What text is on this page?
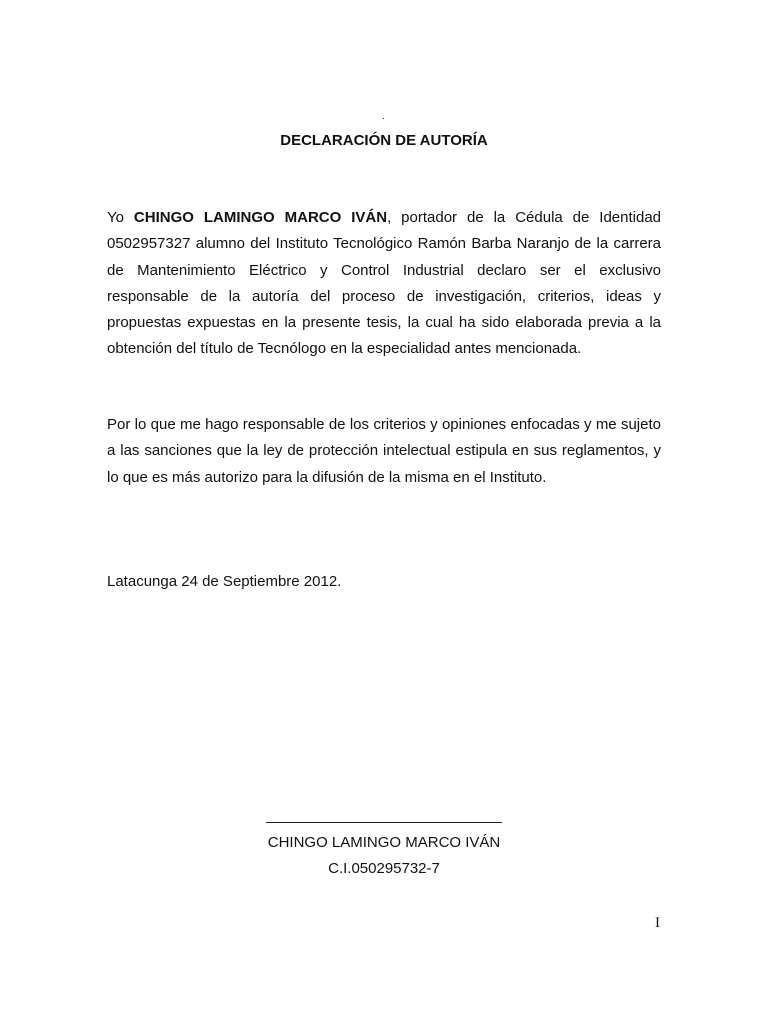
.
DECLARACIÓN DE AUTORÍA

Yo CHINGO LAMINGO MARCO IVÁN, portador de la Cédula de Identidad 0502957327 alumno del Instituto Tecnológico Ramón Barba Naranjo de la carrera de Mantenimiento Eléctrico y Control Industrial declaro ser el exclusivo responsable de la autoría del proceso de investigación, criterios, ideas y propuestas expuestas en la presente tesis, la cual ha sido elaborada previa a la obtención del título de Tecnólogo en la especialidad antes mencionada.

Por lo que me hago responsable de los criterios y opiniones enfocadas y me sujeto a las sanciones que la ley de protección intelectual estipula en sus reglamentos, y lo que es más autorizo para la difusión de la misma en el Instituto.

Latacunga 24 de Septiembre 2012.

CHINGO LAMINGO MARCO IVÁN
C.I.050295732-7
I
